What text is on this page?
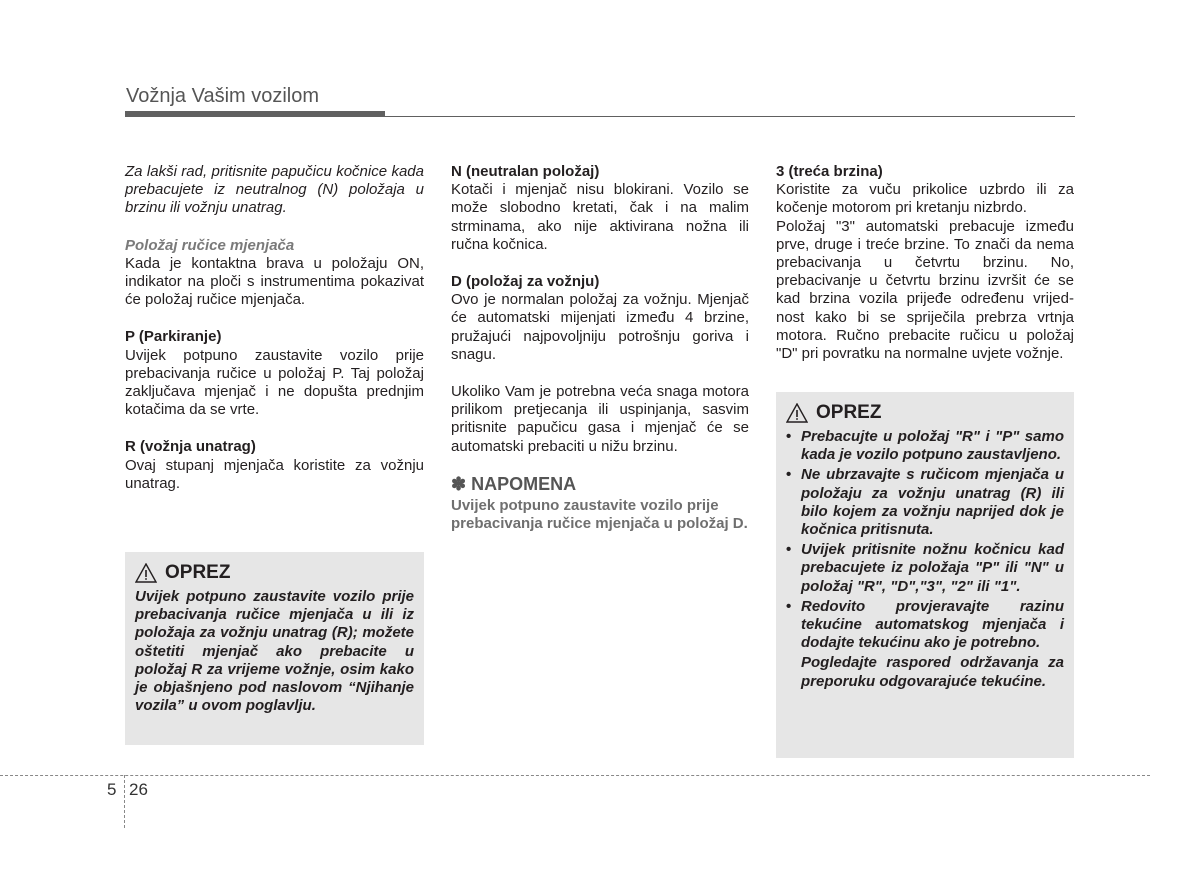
Vožnja Vašim vozilom

Za lakši rad, pritisnite papučicu kočnice kada prebacujete iz neutralnog (N) položaja u brzinu ili vožnju unatrag.

Položaj ručice mjenjača

Kada je kontaktna brava u položaju ON, indikator na ploči s instrumentima pokazivat će položaj ručice mjenjača.

P (Parkiranje)

Uvijek potpuno zaustavite vozilo prije prebacivanja ručice u položaj P. Taj položaj zaključava mjenjač i ne dopušta prednjim kotačima da se vrte.

R (vožnja unatrag)

Ovaj stupanj mjenjača koristite za vožnju unatrag.

OPREZ

Uvijek potpuno zaustavite vozilo prije prebacivanja ručice mjenjača u ili iz položaja za vožnju unatrag (R); možete oštetiti mjenjač ako prebacite u položaj R za vrijeme vožnje, osim kako je objašnjeno pod naslovom “Njihanje vozila” u ovom poglavlju.

N (neutralan položaj)

Kotači i mjenjač nisu blokirani. Vozilo se može slobodno kretati, čak i na malim strminama, ako nije aktivirana nožna ili ručna kočnica.

D (položaj za vožnju)

Ovo je normalan položaj za vožnju. Mjenjač će automatski mijenjati između 4 brzine, pružajući najpovoljniju potrošnju goriva i snagu.

Ukoliko Vam je potrebna veća snaga motora prilikom pretjecanja ili uspinjanja, sasvim pritisnite papučicu gasa i mjenjač će se automatski prebaciti u nižu brzinu.

✽ NAPOMENA

Uvijek potpuno zaustavite vozilo prije prebacivanja ručice mjenjača u položaj D.

3 (treća brzina)

Koristite za vuču prikolice uzbrdo ili za kočenje motorom pri kretanju nizbrdo.

Položaj "3" automatski prebacuje između prve, druge i treće brzine. To znači da nema prebacivanja u četvrtu brzinu. No, prebacivanje u četvrtu brzinu izvršit će se kad brzina vozila prijeđe određenu vrijed-nost kako bi se spriječila prebrza vrtnja motora. Ručno prebacite ručicu u položaj "D" pri povratku na normalne uvjete vožnje.

OPREZ
• Prebacujte u položaj "R" i "P" samo kada je vozilo potpuno zaustavljeno.
• Ne ubrzavajte s ručicom mjenjača u položaju za vožnju unatrag (R) ili bilo kojem za vožnju naprijed dok je kočnica pritisnuta.
• Uvijek pritisnite nožnu kočnicu kad prebacujete iz položaja "P" ili "N" u položaj "R", "D","3", "2" ili "1".
• Redovito provjeravajte razinu tekućine automatskog mjenjača i dodajte tekućinu ako je potrebno.

Pogledajte raspored održavanja za preporuku odgovarajuće tekućine.

5 26
